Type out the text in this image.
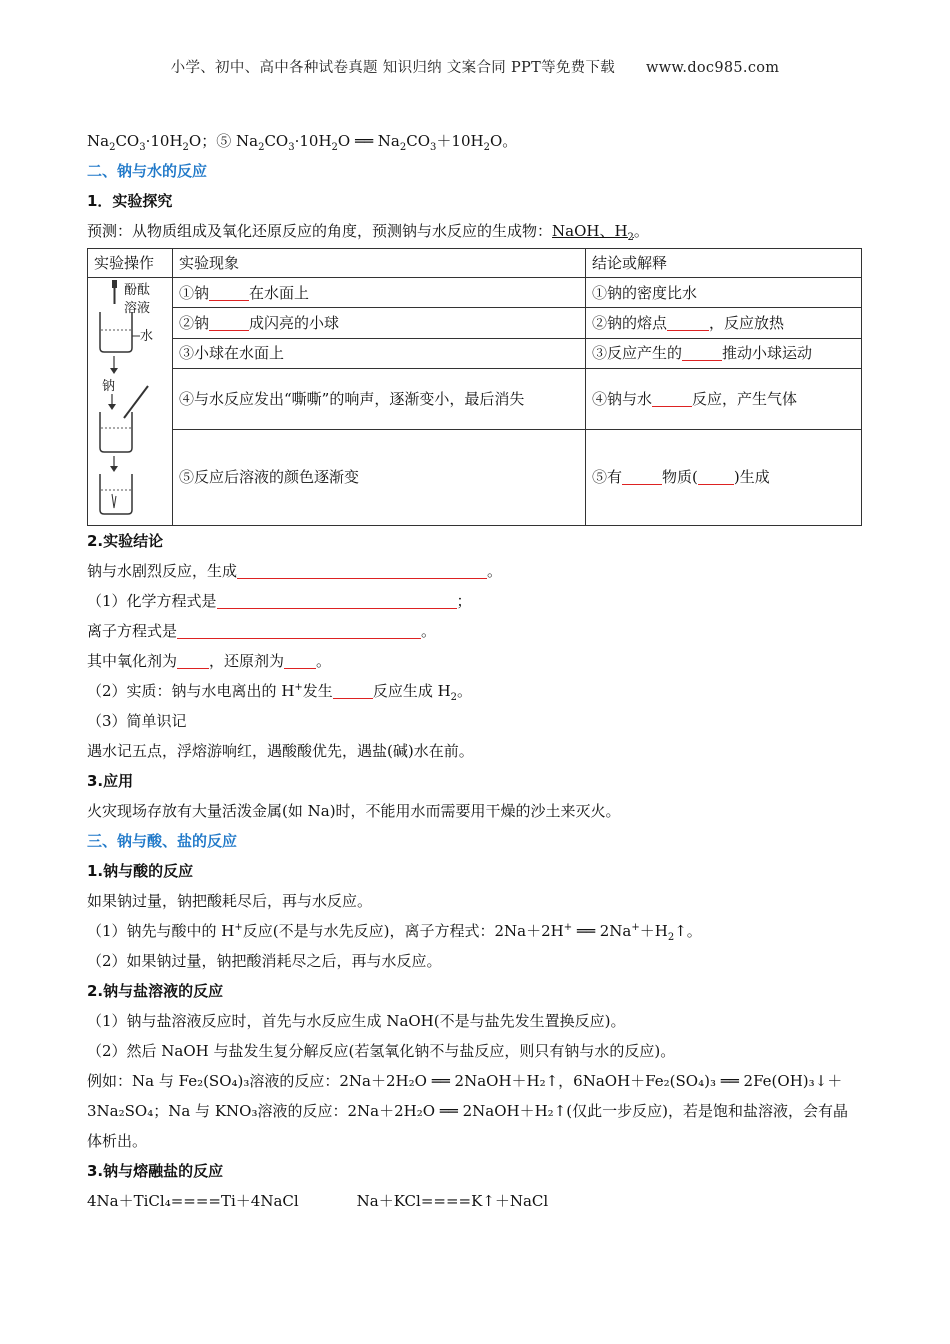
小学、初中、高中各种试卷真题 知识归纳 文案合同 PPT等免费下载 www.doc985.com
$Na_2CO_3\cdot 10H_2O$；⑤ $Na_2CO_3\cdot 10H_2O$ ══ $Na_2CO_3+10H_2O$。
二、钠与水的反应
1．实验探究
预测：从物质组成及氧化还原反应的角度，预测钠与水反应的生成物：NaOH、$H_2$。
实验操作	实验现象	结论或解释

酚酞
溶液
水
钠	①钠 在水面上	①钠的密度比水
	②钠 成闪亮的小球	②钠的熔点 ，反应放热
	③小球在水面上	③反应产生的 推动小球运动
	④与水反应发出“嘶嘶”的响声，逐渐变小，最后消失	④钠与水 反应，产生气体
	⑤反应后溶液的颜色逐渐变	⑤有 物质( )生成
2.实验结论
钠与水剧烈反应，生成	。
（1）化学方程式是	；
离子方程式是	。
其中氧化剂为 ，还原剂为 。
（2）实质：钠与水电离出的 H+发生	反应生成 $H_2$。
（3）简单识记
遇水记五点，浮熔游响红，遇酸酸优先，遇盐(碱)水在前。
3.应用
火灾现场存放有大量活泼金属(如 Na)时，不能用水而需要用干燥的沙土来灭火。
三、钠与酸、盐的反应
1.钠与酸的反应
如果钠过量，钠把酸耗尽后，再与水反应。
（1）钠先与酸中的 H+反应(不是与水先反应)，离子方程式：2Na＋2H+ ══ $2Na^++H_2↑$。
（2）如果钠过量，钠把酸消耗尽之后，再与水反应。
2.钠与盐溶液的反应
（1）钠与盐溶液反应时，首先与水反应生成 NaOH(不是与盐先发生置换反应)。
（2）然后 NaOH 与盐发生复分解反应(若氢氧化钠不与盐反应，则只有钠与水的反应)。
例如：Na 与 Fe₂(SO₄)₃溶液的反应：2Na＋2H₂O ══ 2NaOH＋H₂↑，6NaOH＋Fe₂(SO₄)₃ ══ 2Fe(OH)₃↓＋3Na₂SO₄；Na 与 KNO₃溶液的反应：2Na＋2H₂O ══ 2NaOH＋H₂↑(仅此一步反应)，若是饱和盐溶液，会有晶体析出。
3.钠与熔融盐的反应
4Na＋TiCl₄====Ti＋4NaCl	Na＋KCl====K↑＋NaCl
